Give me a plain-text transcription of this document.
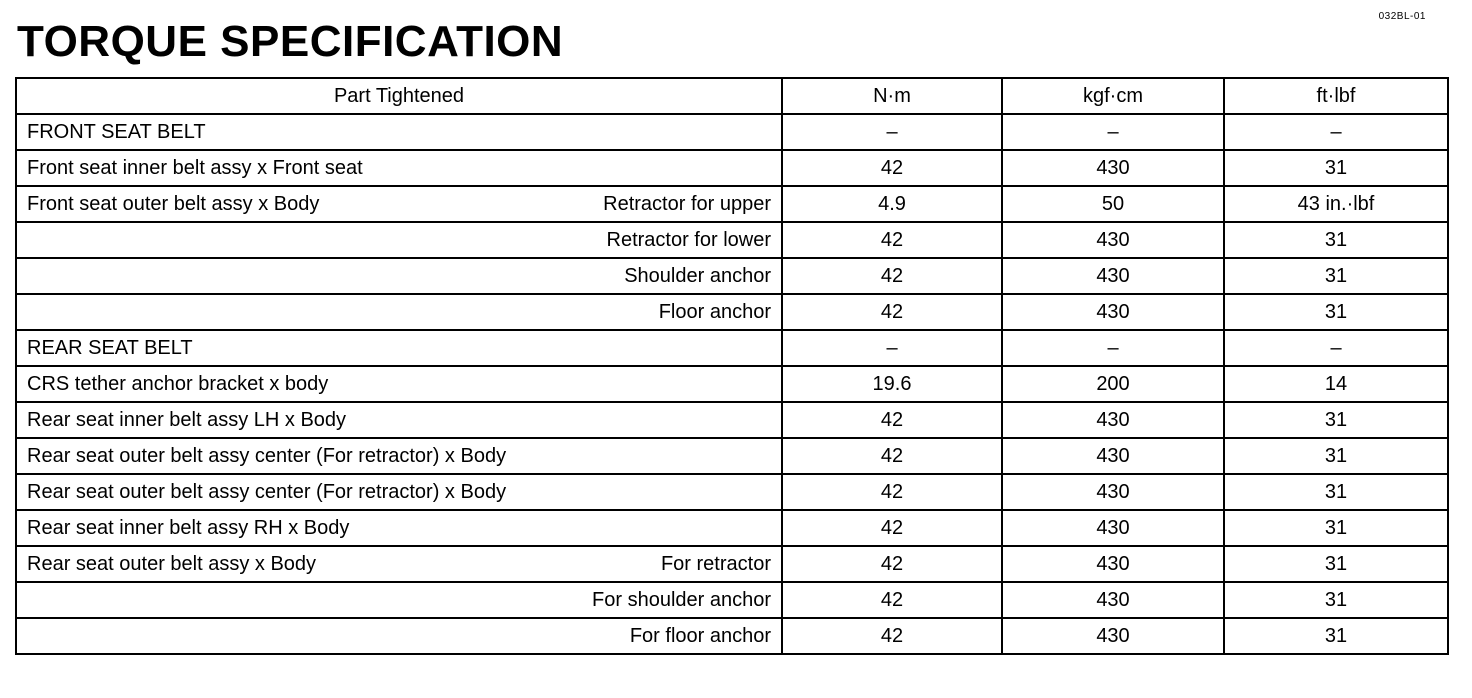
032BL-01
TORQUE SPECIFICATION
Part Tightened	N·m	kgf·cm	ft·lbf

FRONT SEAT BELT	–	–	–

Front seat inner belt assy x Front seat	42	430	31

Front seat outer belt assy x Body Retractor for upper	4.9	50	43 in.·lbf

Retractor for lower	42	430	31

Shoulder anchor	42	430	31

Floor anchor	42	430	31

REAR SEAT BELT	–	–	–

CRS tether anchor bracket x body	19.6	200	14

Rear seat inner belt assy LH x Body	42	430	31

Rear seat outer belt assy center (For retractor) x Body	42	430	31

Rear seat outer belt assy center (For retractor) x Body	42	430	31

Rear seat inner belt assy RH x Body	42	430	31

Rear seat outer belt assy x Body For retractor	42	430	31

For shoulder anchor	42	430	31

For floor anchor	42	430	31
